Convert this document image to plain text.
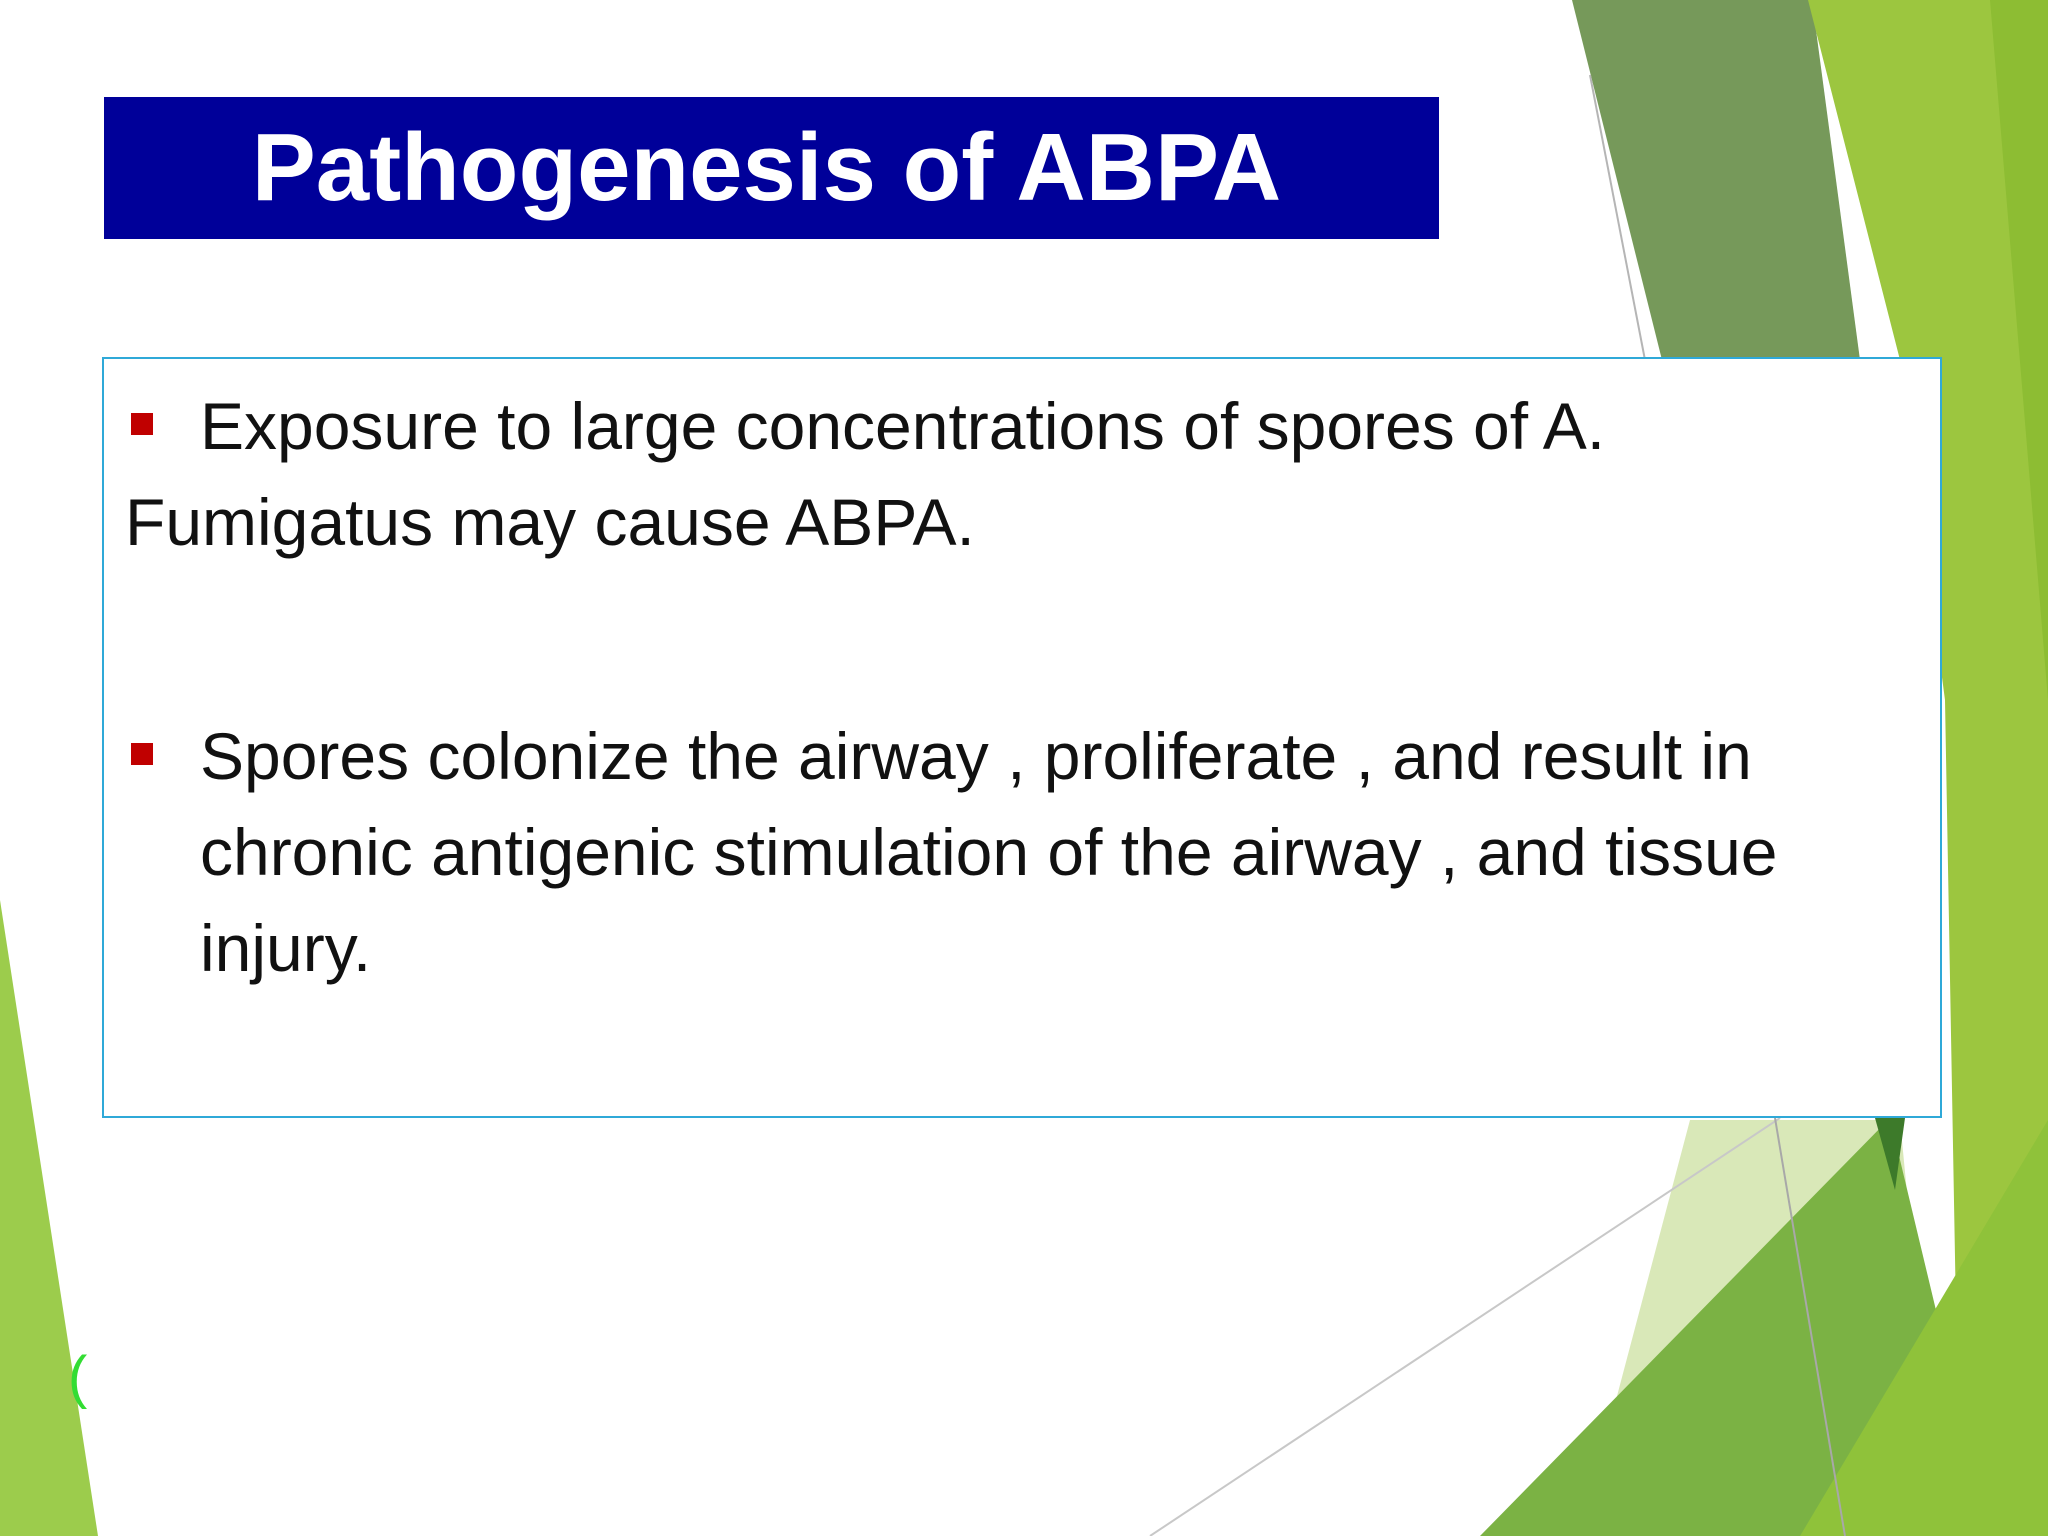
Pathogenesis of ABPA
Exposure to large concentrations of spores of A.
Fumigatus may cause ABPA.
Spores colonize the airway , proliferate , and result in chronic antigenic stimulation of the airway , and tissue injury.
(
